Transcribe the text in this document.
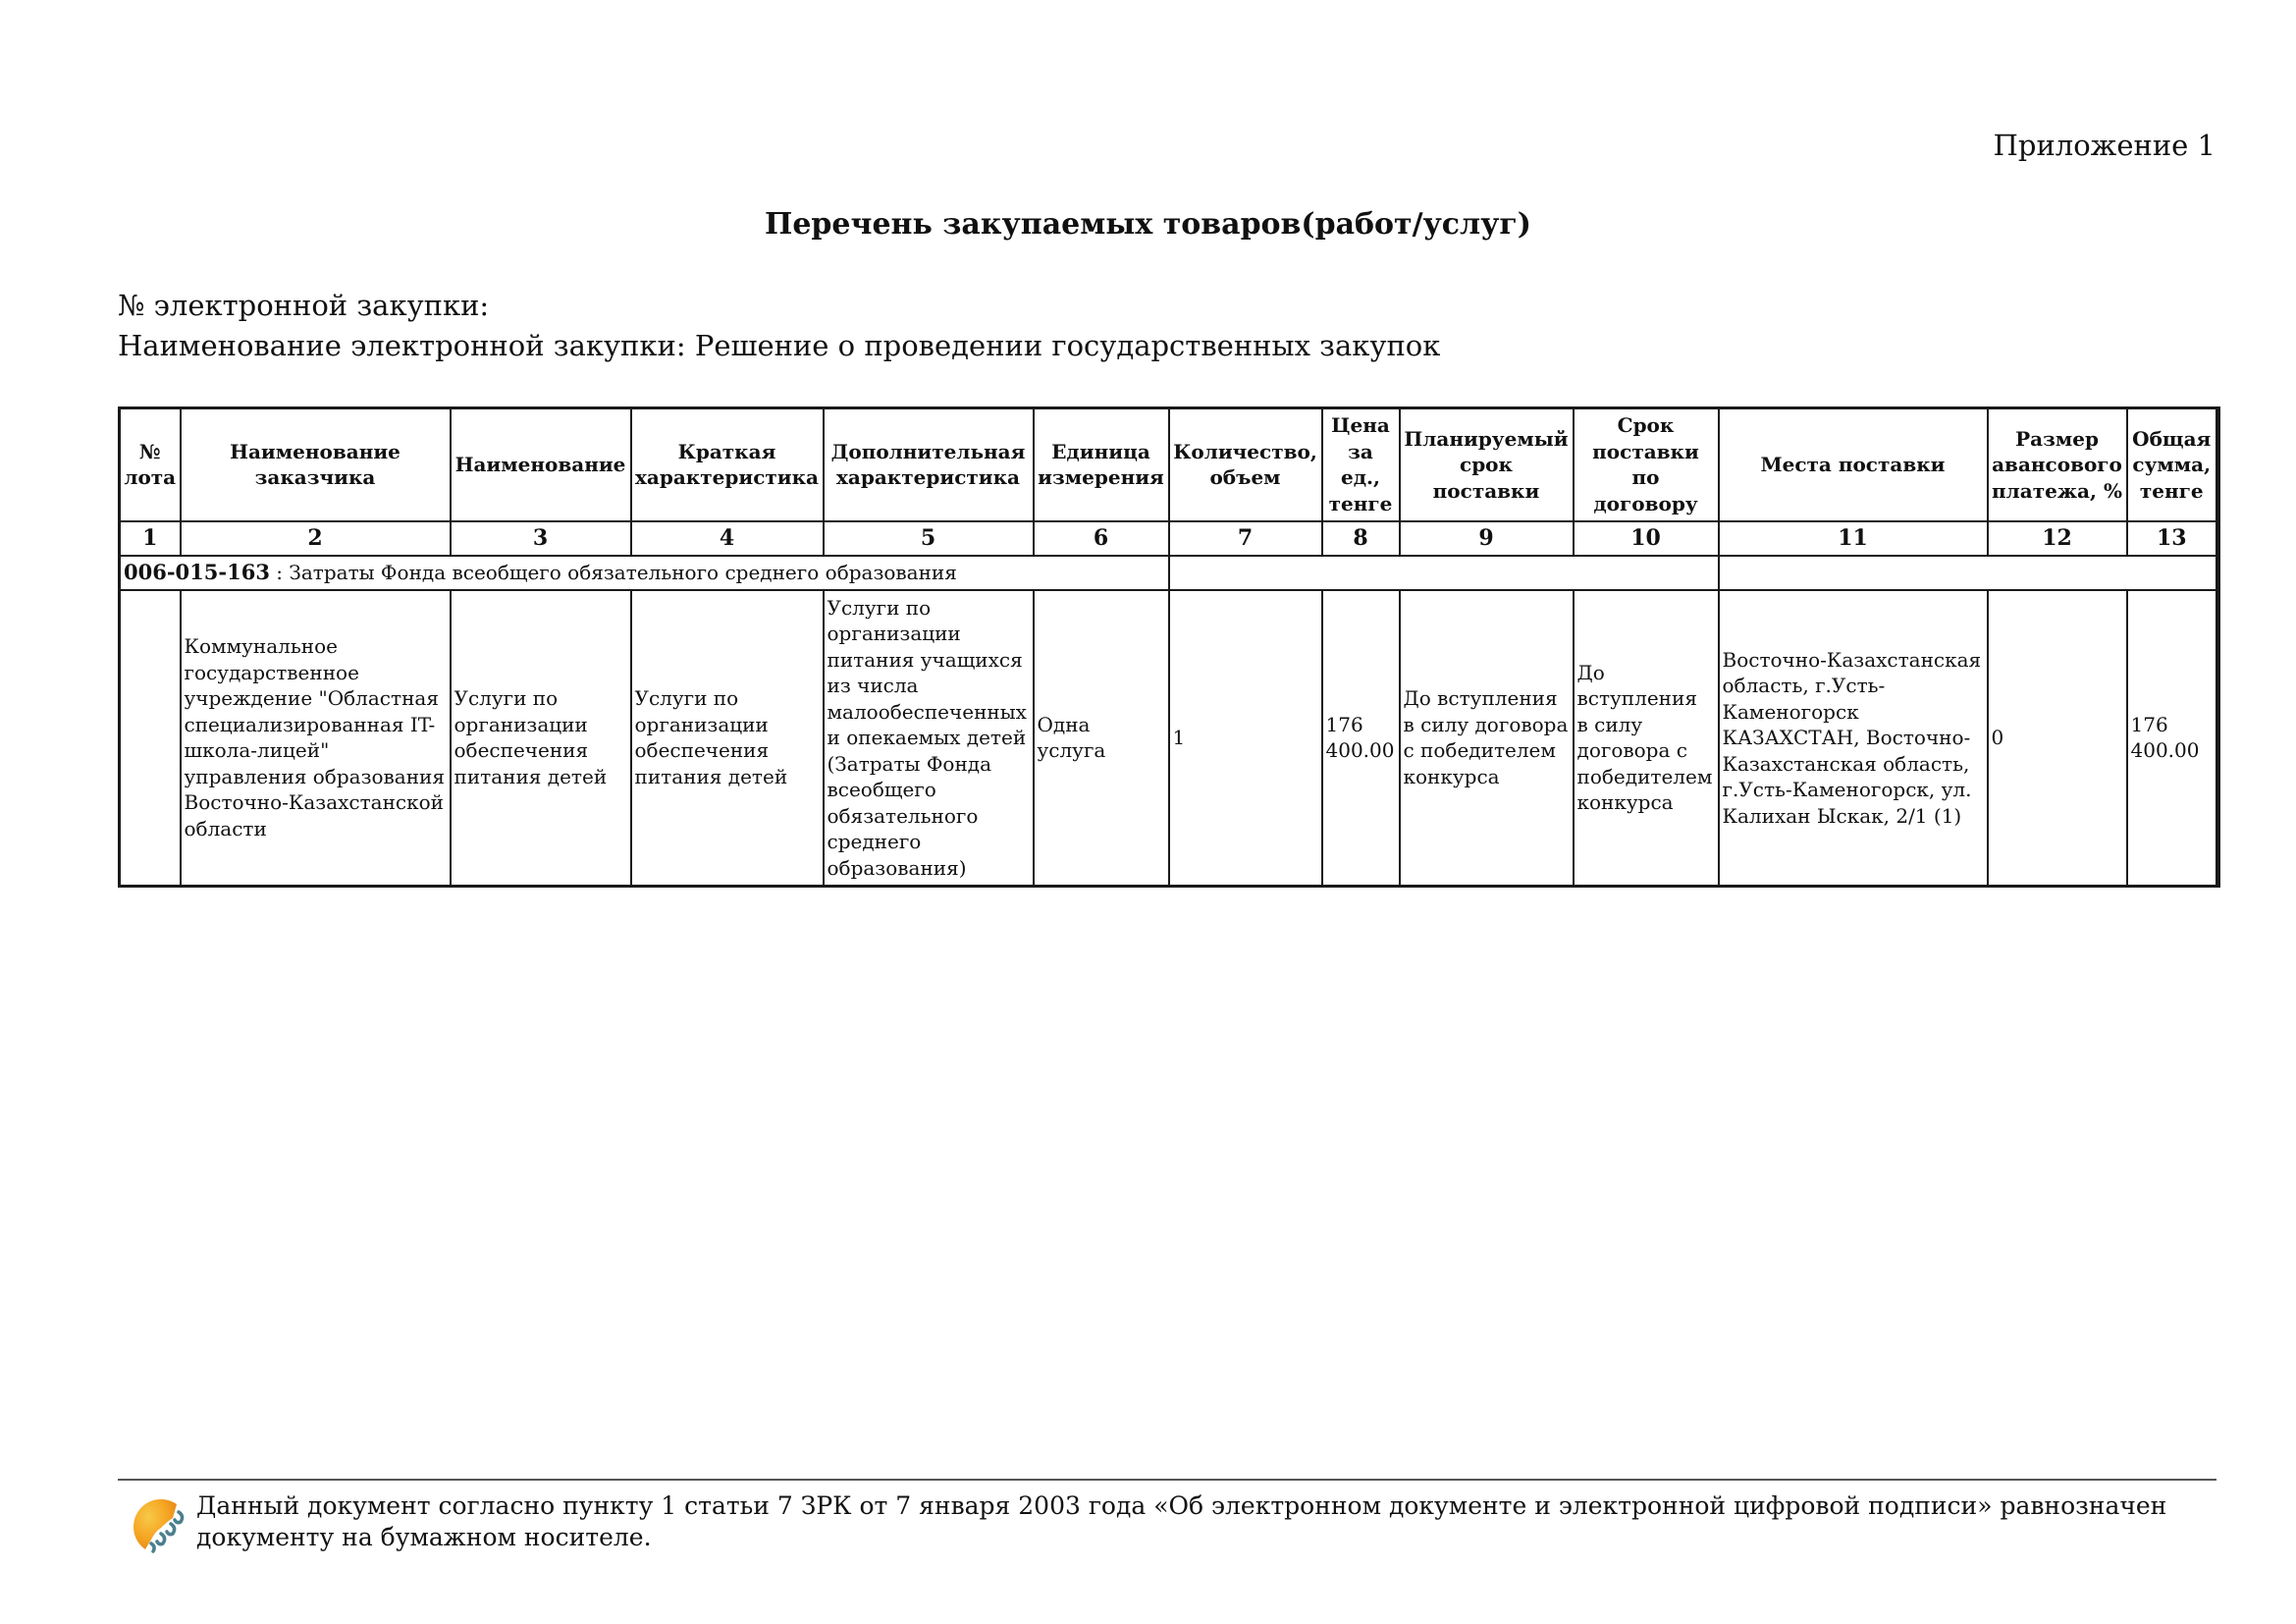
Приложение 1
Перечень закупаемых товаров(работ/услуг)
№ электронной закупки:
Наименование электронной закупки: Решение о проведении государственных закупок
№ лота	Наименование заказчика	Наименование	Краткая характеристика	Дополнительная характеристика	Единица измерения	Количество, объем	Цена за ед., тенге	Планируемый срок поставки	Срок поставки по договору	Места поставки	Размер авансового платежа, %	Общая сумма, тенге
1	2	3	4	5	6	7	8	9	10	11	12	13
006-015-163 : Затраты Фонда всеобщего обязательного среднего образования												
	Коммунальное государственное учреждение "Областная специализированная IT-школа-лицей" управления образования Восточно-Казахстанской области	Услуги по организации обеспечения питания детей	Услуги по организации обеспечения питания детей	Услуги по организации питания учащихся из числа малообеспеченных и опекаемых детей (Затраты Фонда всеобщего обязательного среднего образования)	Одна услуга	1	176 400.00	До вступления в силу договора с победителем конкурса	До вступления в силу договора с победителем конкурса	Восточно-Казахстанская область, г.Усть-Каменогорск КАЗАХСТАН, Восточно-Казахстанская область, г.Усть-Каменогорск, ул. Калихан Ыскак, 2/1 (1)	0	176 400.00
Данный документ согласно пункту 1 статьи 7 ЗРК от 7 января 2003 года «Об электронном документе и электронной цифровой подписи» равнозначен документу на бумажном носителе.
